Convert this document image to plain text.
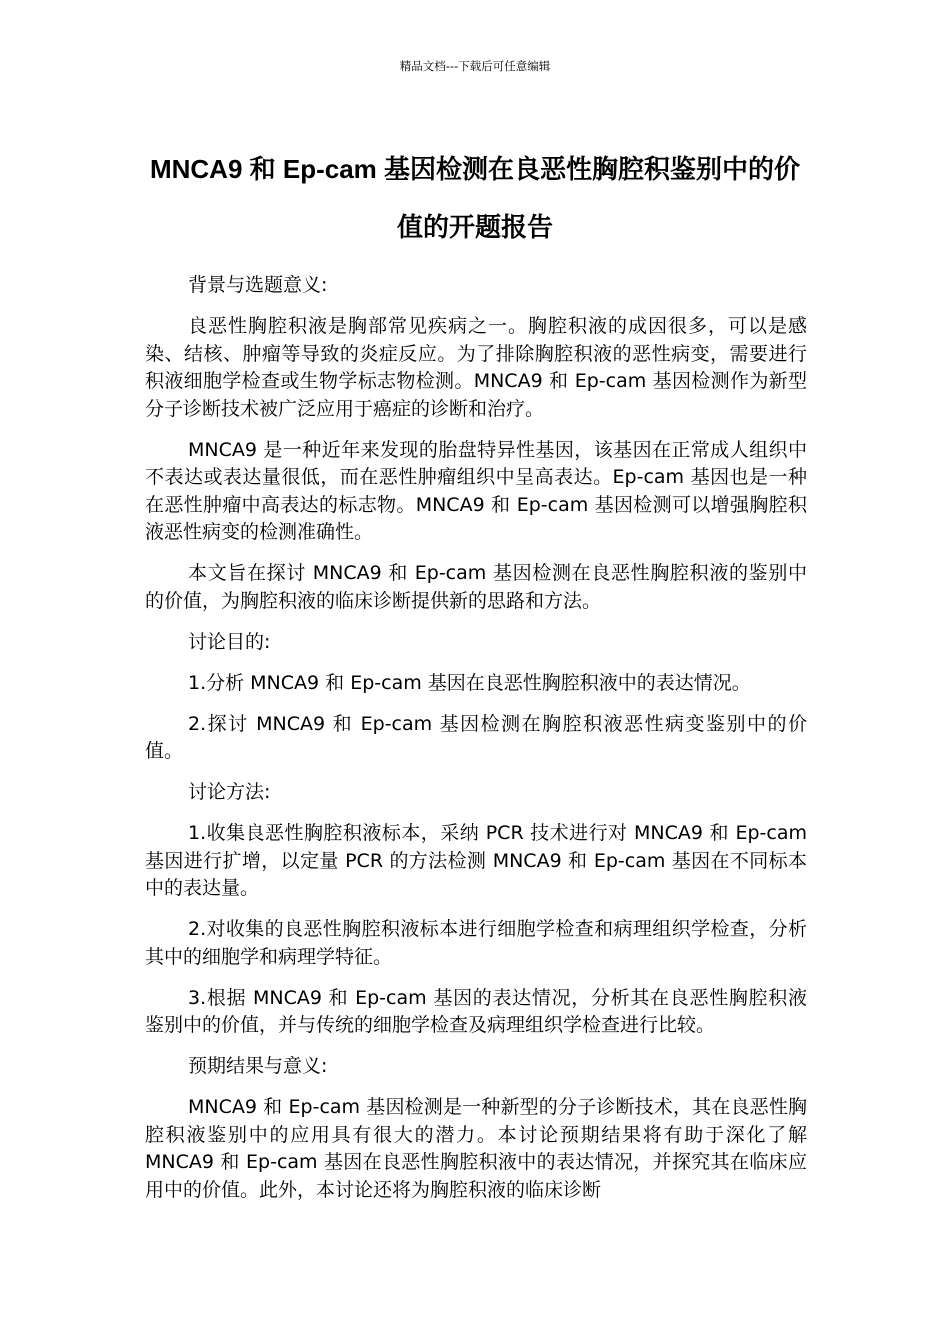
精品文档---下载后可任意编辑
MNCA9 和 Ep-cam 基因检测在良恶性胸腔积鉴别中的价值的开题报告

背景与选题意义:

良恶性胸腔积液是胸部常见疾病之一。胸腔积液的成因很多，可以是感染、结核、肿瘤等导致的炎症反应。为了排除胸腔积液的恶性病变，需要进行积液细胞学检查或生物学标志物检测。MNCA9 和 Ep-cam 基因检测作为新型分子诊断技术被广泛应用于癌症的诊断和治疗。

MNCA9 是一种近年来发现的胎盘特异性基因，该基因在正常成人组织中不表达或表达量很低，而在恶性肿瘤组织中呈高表达。Ep-cam 基因也是一种在恶性肿瘤中高表达的标志物。MNCA9 和 Ep-cam 基因检测可以增强胸腔积液恶性病变的检测准确性。

本文旨在探讨 MNCA9 和 Ep-cam 基因检测在良恶性胸腔积液的鉴别中的价值，为胸腔积液的临床诊断提供新的思路和方法。

讨论目的:

1.分析 MNCA9 和 Ep-cam 基因在良恶性胸腔积液中的表达情况。

2.探讨 MNCA9 和 Ep-cam 基因检测在胸腔积液恶性病变鉴别中的价值。

讨论方法:

1.收集良恶性胸腔积液标本，采纳 PCR 技术进行对 MNCA9 和 Ep-cam 基因进行扩增，以定量 PCR 的方法检测 MNCA9 和 Ep-cam 基因在不同标本中的表达量。

2.对收集的良恶性胸腔积液标本进行细胞学检查和病理组织学检查，分析其中的细胞学和病理学特征。

3.根据 MNCA9 和 Ep-cam 基因的表达情况，分析其在良恶性胸腔积液鉴别中的价值，并与传统的细胞学检查及病理组织学检查进行比较。

预期结果与意义:

MNCA9 和 Ep-cam 基因检测是一种新型的分子诊断技术，其在良恶性胸腔积液鉴别中的应用具有很大的潜力。本讨论预期结果将有助于深化了解 MNCA9 和 Ep-cam 基因在良恶性胸腔积液中的表达情况，并探究其在临床应用中的价值。此外，本讨论还将为胸腔积液的临床诊断
